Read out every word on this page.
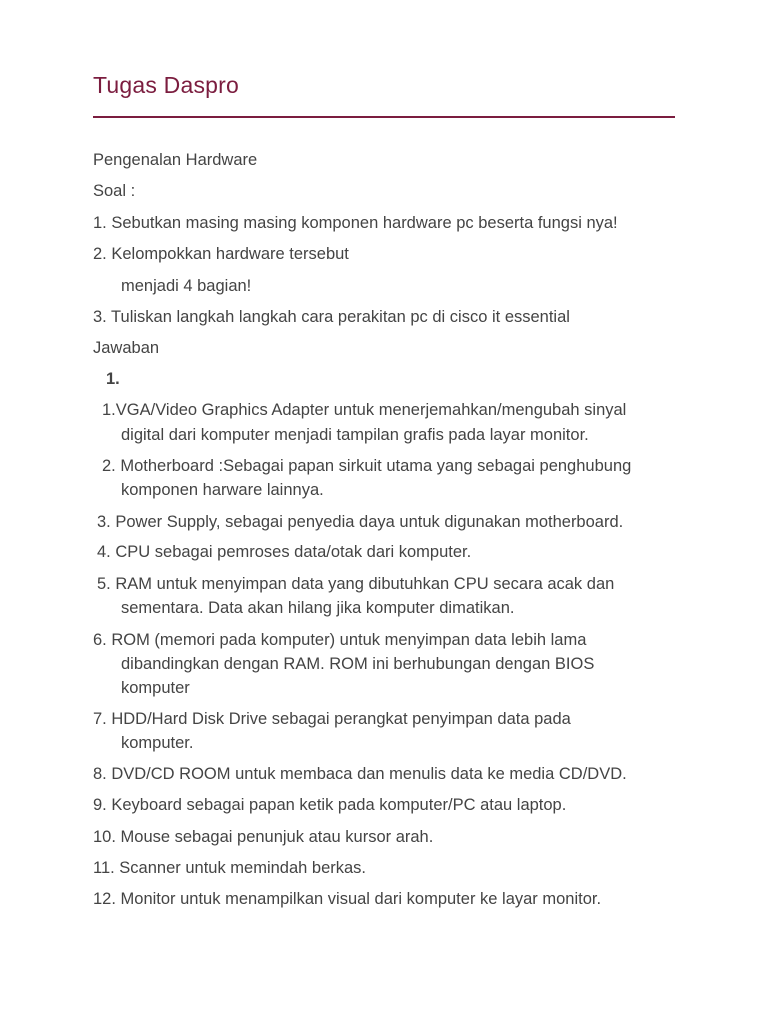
Tugas Daspro

Pengenalan Hardware

Soal :

1. Sebutkan masing masing komponen hardware pc beserta fungsi nya!

2. Kelompokkan hardware tersebut

menjadi 4 bagian!

3. Tuliskan langkah langkah cara perakitan pc di cisco it essential

Jawaban

1.

1.VGA/Video Graphics Adapter untuk menerjemahkan/mengubah sinyal

digital dari komputer menjadi tampilan grafis pada layar monitor.

2. Motherboard :Sebagai papan sirkuit utama yang sebagai penghubung

komponen harware lainnya.

3. Power Supply, sebagai penyedia daya untuk digunakan motherboard.

4. CPU sebagai pemroses data/otak dari komputer.

5. RAM untuk menyimpan data yang dibutuhkan CPU secara acak dan

sementara. Data akan hilang jika komputer dimatikan.

6. ROM (memori pada komputer) untuk menyimpan data lebih lama

dibandingkan dengan RAM. ROM ini berhubungan dengan BIOS

komputer

7. HDD/Hard Disk Drive sebagai perangkat penyimpan data pada

komputer.

8. DVD/CD ROOM untuk membaca dan menulis data ke media CD/DVD.

9. Keyboard sebagai papan ketik pada komputer/PC atau laptop.

10. Mouse sebagai penunjuk atau kursor arah.

11. Scanner untuk memindah berkas.

12. Monitor untuk menampilkan visual dari komputer ke layar monitor.
